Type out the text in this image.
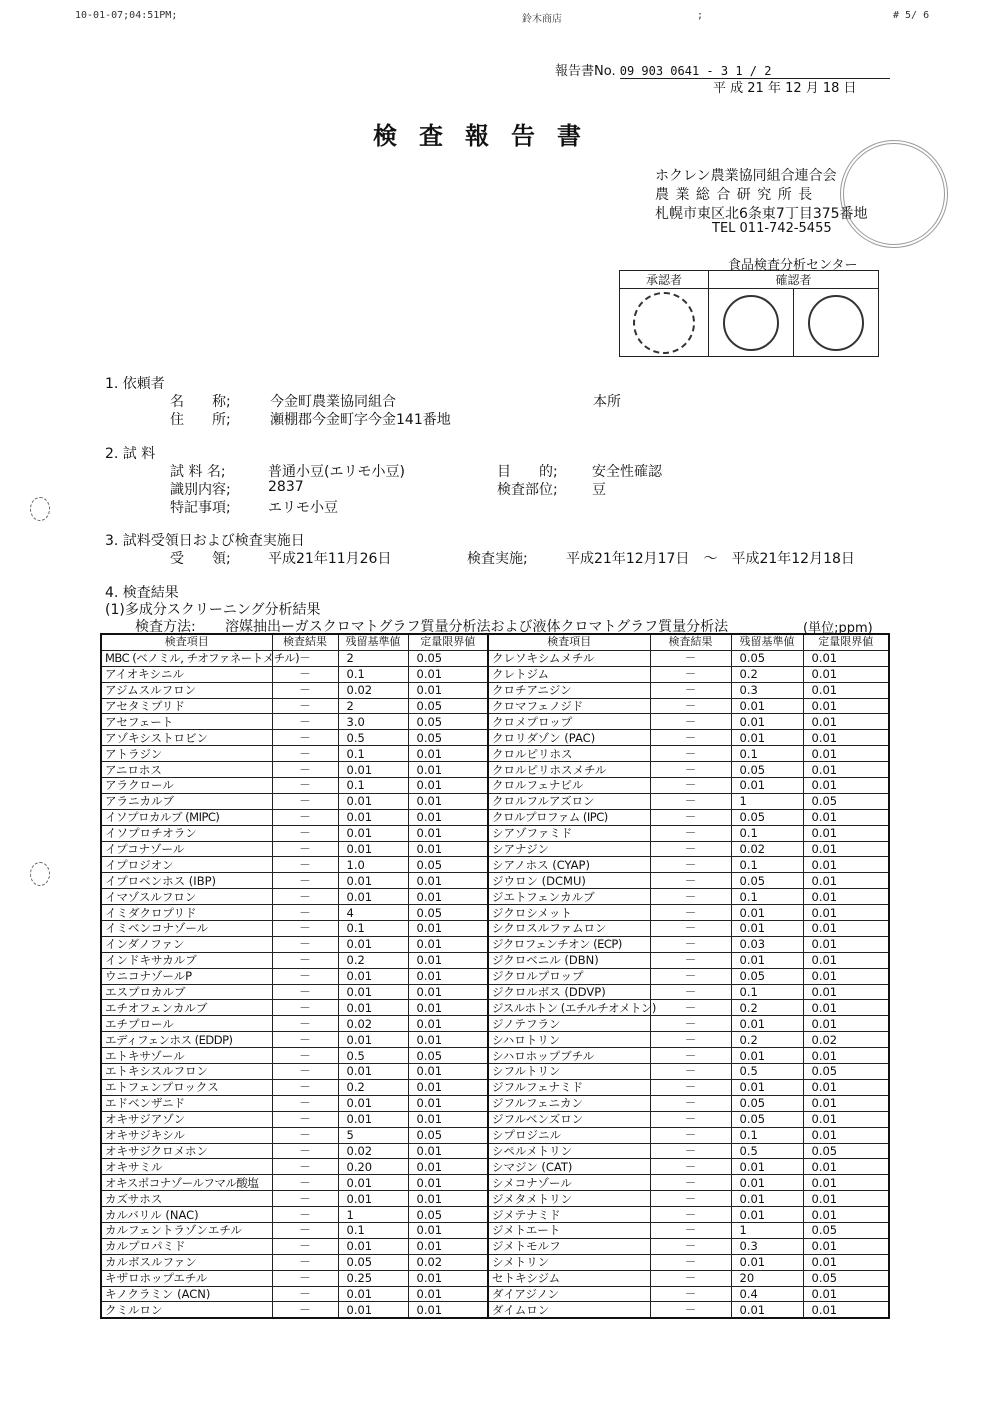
10-01-07;04:51PM;	鈴木商店	;	# 5/ 6
報告書No. 09 903 0641 - 3 1 / 2
平 成 21 年 12 月 18 日
検査報告書
ホクレン農業協同組合連合会
農 業 総 合 研 究 所 長
札幌市東区北6条東7丁目375番地
TEL 011-742-5455
食品検査分析センター
承認者	確認者	

1. 依頼者
名　　称;	今金町農業協同組合	本所
住　　所;	瀬棚郡今金町字今金141番地
2. 試 料
試 料 名;	普通小豆(エリモ小豆)	目　　的; 安全性確認
識別内容;	2837	検査部位; 豆
特記事項;	エリモ小豆
3. 試料受領日および検査実施日
受　　領;	平成21年11月26日	検査実施;	平成21年12月17日　～　平成21年12月18日
4. 検査結果
(1)多成分スクリーニング分析結果
検査方法: 溶媒抽出ーガスクロマトグラフ質量分析法および液体クロマトグラフ質量分析法	(単位;ppm)
検査項目	検査結果	残留基準値	定量限界値	検査項目	検査結果	残留基準値	定量限界値
MBC (ベノミル, チオファネートメチル)	－	2	0.05	クレソキシムメチル	－	0.05	0.01
アイオキシニル	－	0.1	0.01	クレトジム	－	0.2	0.01
アジムスルフロン	－	0.02	0.01	クロチアニジン	－	0.3	0.01
アセタミプリド	－	2	0.05	クロマフェノジド	－	0.01	0.01
アセフェート	－	3.0	0.05	クロメプロップ	－	0.01	0.01
アゾキシストロビン	－	0.5	0.05	クロリダゾン (PAC)	－	0.01	0.01
アトラジン	－	0.1	0.01	クロルピリホス	－	0.1	0.01
アニロホス	－	0.01	0.01	クロルピリホスメチル	－	0.05	0.01
アラクロール	－	0.1	0.01	クロルフェナピル	－	0.01	0.01
アラニカルブ	－	0.01	0.01	クロルフルアズロン	－	1	0.05
イソプロカルブ (MIPC)	－	0.01	0.01	クロルプロファム (IPC)	－	0.05	0.01
イソプロチオラン	－	0.01	0.01	シアゾファミド	－	0.1	0.01
イプコナゾール	－	0.01	0.01	シアナジン	－	0.02	0.01
イプロジオン	－	1.0	0.05	シアノホス (CYAP)	－	0.1	0.01
イプロベンホス (IBP)	－	0.01	0.01	ジウロン (DCMU)	－	0.05	0.01
イマゾスルフロン	－	0.01	0.01	ジエトフェンカルブ	－	0.1	0.01
イミダクロプリド	－	4	0.05	ジクロシメット	－	0.01	0.01
イミベンコナゾール	－	0.1	0.01	シクロスルファムロン	－	0.01	0.01
インダノファン	－	0.01	0.01	ジクロフェンチオン (ECP)	－	0.03	0.01
インドキサカルブ	－	0.2	0.01	ジクロベニル (DBN)	－	0.01	0.01
ウニコナゾールP	－	0.01	0.01	ジクロルプロップ	－	0.05	0.01
エスプロカルブ	－	0.01	0.01	ジクロルボス (DDVP)	－	0.1	0.01
エチオフェンカルブ	－	0.01	0.01	ジスルホトン (エチルチオメトン)	－	0.2	0.01
エチプロール	－	0.02	0.01	ジノテフラン	－	0.01	0.01
エディフェンホス (EDDP)	－	0.01	0.01	シハロトリン	－	0.2	0.02
エトキサゾール	－	0.5	0.05	シハロホップブチル	－	0.01	0.01
エトキシスルフロン	－	0.01	0.01	シフルトリン	－	0.5	0.05
エトフェンプロックス	－	0.2	0.01	ジフルフェナミド	－	0.01	0.01
エドベンザニド	－	0.01	0.01	ジフルフェニカン	－	0.05	0.01
オキサジアゾン	－	0.01	0.01	ジフルベンズロン	－	0.05	0.01
オキサジキシル	－	5	0.05	シプロジニル	－	0.1	0.01
オキサジクロメホン	－	0.02	0.01	シペルメトリン	－	0.5	0.05
オキサミル	－	0.20	0.01	シマジン (CAT)	－	0.01	0.01
オキスポコナゾールフマル酸塩	－	0.01	0.01	シメコナゾール	－	0.01	0.01
カズサホス	－	0.01	0.01	ジメタメトリン	－	0.01	0.01
カルバリル (NAC)	－	1	0.05	ジメテナミド	－	0.01	0.01
カルフェントラゾンエチル	－	0.1	0.01	ジメトエート	－	1	0.05
カルプロパミド	－	0.01	0.01	ジメトモルフ	－	0.3	0.01
カルボスルファン	－	0.05	0.02	シメトリン	－	0.01	0.01
キザロホップエチル	－	0.25	0.01	セトキシジム	－	20	0.05
キノクラミン (ACN)	－	0.01	0.01	ダイアジノン	－	0.4	0.01
クミルロン	－	0.01	0.01	ダイムロン	－	0.01	0.01
